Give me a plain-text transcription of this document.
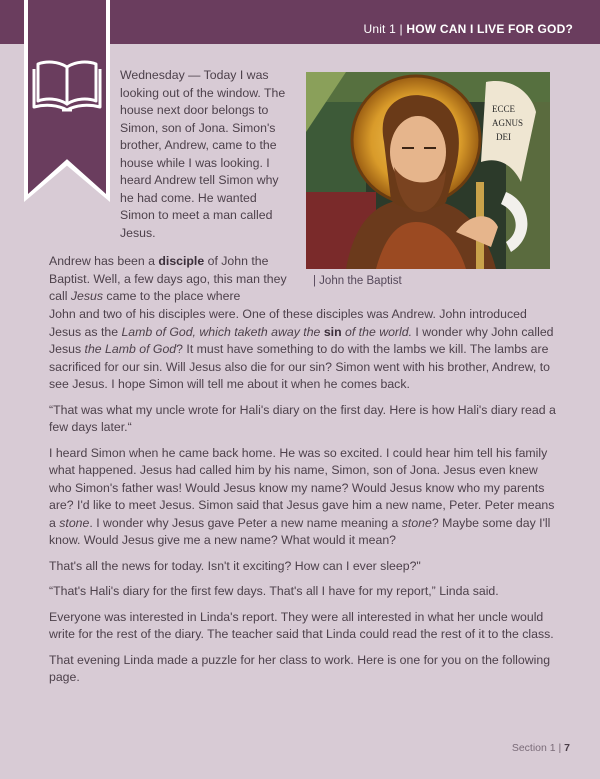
Unit 1 | HOW CAN I LIVE FOR GOD?

Wednesday — Today I was looking out of the window. The house next door belongs to Simon, son of Jona. Simon's brother, Andrew, came to the house while I was looking. I heard Andrew tell Simon why he had come. He wanted Simon to meet a man called Jesus.

ECCE
AGNUS
DEI
| John the Baptist

Andrew has been a disciple of John the Baptist. Well, a few days ago, this man they call Jesus came to the place where

John and two of his disciples were. One of these disciples was Andrew. John introduced Jesus as the Lamb of God, which taketh away the sin of the world. I wonder why John called Jesus the Lamb of God? It must have something to do with the lambs we kill. The lambs are sacrificed for our sin. Will Jesus also die for our sin? Simon went with his brother, Andrew, to see Jesus. I hope Simon will tell me about it when he comes back.

“That was what my uncle wrote for Hali's diary on the first day. Here is how Hali's diary read a few days later.“

I heard Simon when he came back home. He was so excited. I could hear him tell his family what happened. Jesus had called him by his name, Simon, son of Jona. Jesus even knew who Simon's father was! Would Jesus know my name? Would Jesus know who my parents are? I'd like to meet Jesus. Simon said that Jesus gave him a new name, Peter. Peter means a stone. I wonder why Jesus gave Peter a new name meaning a stone? Maybe some day I'll know. Would Jesus give me a new name? What would it mean?

That's all the news for today. Isn't it exciting? How can I ever sleep?"

“That's Hali's diary for the first few days. That's all I have for my report,” Linda said.

Everyone was interested in Linda's report. They were all interested in what her uncle would write for the rest of the diary. The teacher said that Linda could read the rest of it to the class.

That evening Linda made a puzzle for her class to work. Here is one for you on the following page.

Section 1 | 7
